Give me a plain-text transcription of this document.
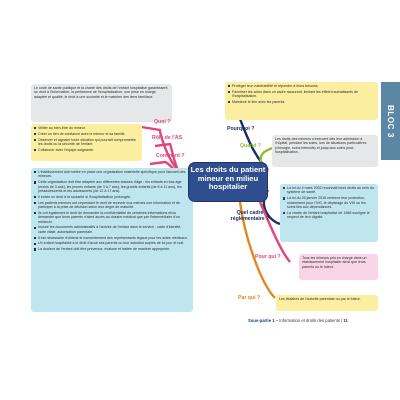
Le code de santé publique et la charte des droits de l'enfant hospitalisé garantissent un droit à l'information, la pertinence de l'hospitalisation, une prise en charge adaptée et qualité, le droit à une scolarité et le maintien des liens familiaux.

Quoi ?
Veiller au bien-être du mineur.
Créer un lien de confiance avec le mineur et sa famille.
Observer et signaler toute situation qui pourrait compromettre les droits ou la sécurité de l'enfant.
Collaborer avec l'équipe soignante.
Rôle de l'AS
Comment ?
L'établissement doit mettre en place une organisation matérielle spécifique pour l'accueil des mineurs.
Cette organisation doit être adaptée aux différentes classes d'âge : les enfants en bas âge (moins de 3 ans), les jeunes enfants (de 3 à 7 ans), les grands enfants (de 8 à 11 ans), les préadolescents et les adolescents (de 12 à 17 ans).
Il existe un droit à la scolarité si l'hospitalisation prolongée.
Les patients mineurs ont cependant le droit de recevoir eux-mêmes une information et de participer à la prise de décision selon leur degré de maturité.
Ils ont également le droit de demander la confidentialité de certaines informations et/ou demander que leurs parents n'aient accès au dossier médical que par l'intermédiaire d'un médecin.
Inclure les documents administratifs à l'arrivée de l'enfant dans le service : carte d'identité, carte vitale, autorisation parentale.
Il est nécessaire d'obtenir le consentement des représentants légaux pour les actes médicaux.
Un enfant hospitalisé a le droit d'avoir ses parents ou leur substitut auprès de lui jour et nuit.
La douleur de l'enfant doit être prévenue, évaluée et traitée de manière appropriée.
Les droits du patient mineur en milieu hospitalier
Protéger leur vulnérabilité et répondre à leurs besoins.
Favoriser les soins dans un cadre rassurant, limitant les effets traumatisants de l'hospitalisation.
Maintenir le lien avec les parents.
Pourquoi ?
Quand ?

Les droits des mineurs s'exercent dès leur admission à l'hôpital, pendant les soins, lors de situations particulières (chirurgie, soins intensifs) et jusqu'aux soins post-hospitalisation.

Quel cadre réglementaire ?
La loi du 4 mars 2002 reconnaît leurs droits au sein du système de santé.
La loi du 26 janvier 2016 renforce leur protection, notamment pour l'IVG, le dépistage du VIH ou les soins liés aux dépendances.
La charte de l'enfant hospitalisé de 1988 souligne le respect de leur dignité.
Pour qui ?	Tous les mineurs pris en charge dans un établissement hospitalier ainsi que leurs parents ou le tuteur.

Par qui ?	Les titulaires de l'autorité parentale ou par le tuteur.

BLOC 3
Sous-partie 1 – Information et droits des patients | 11
